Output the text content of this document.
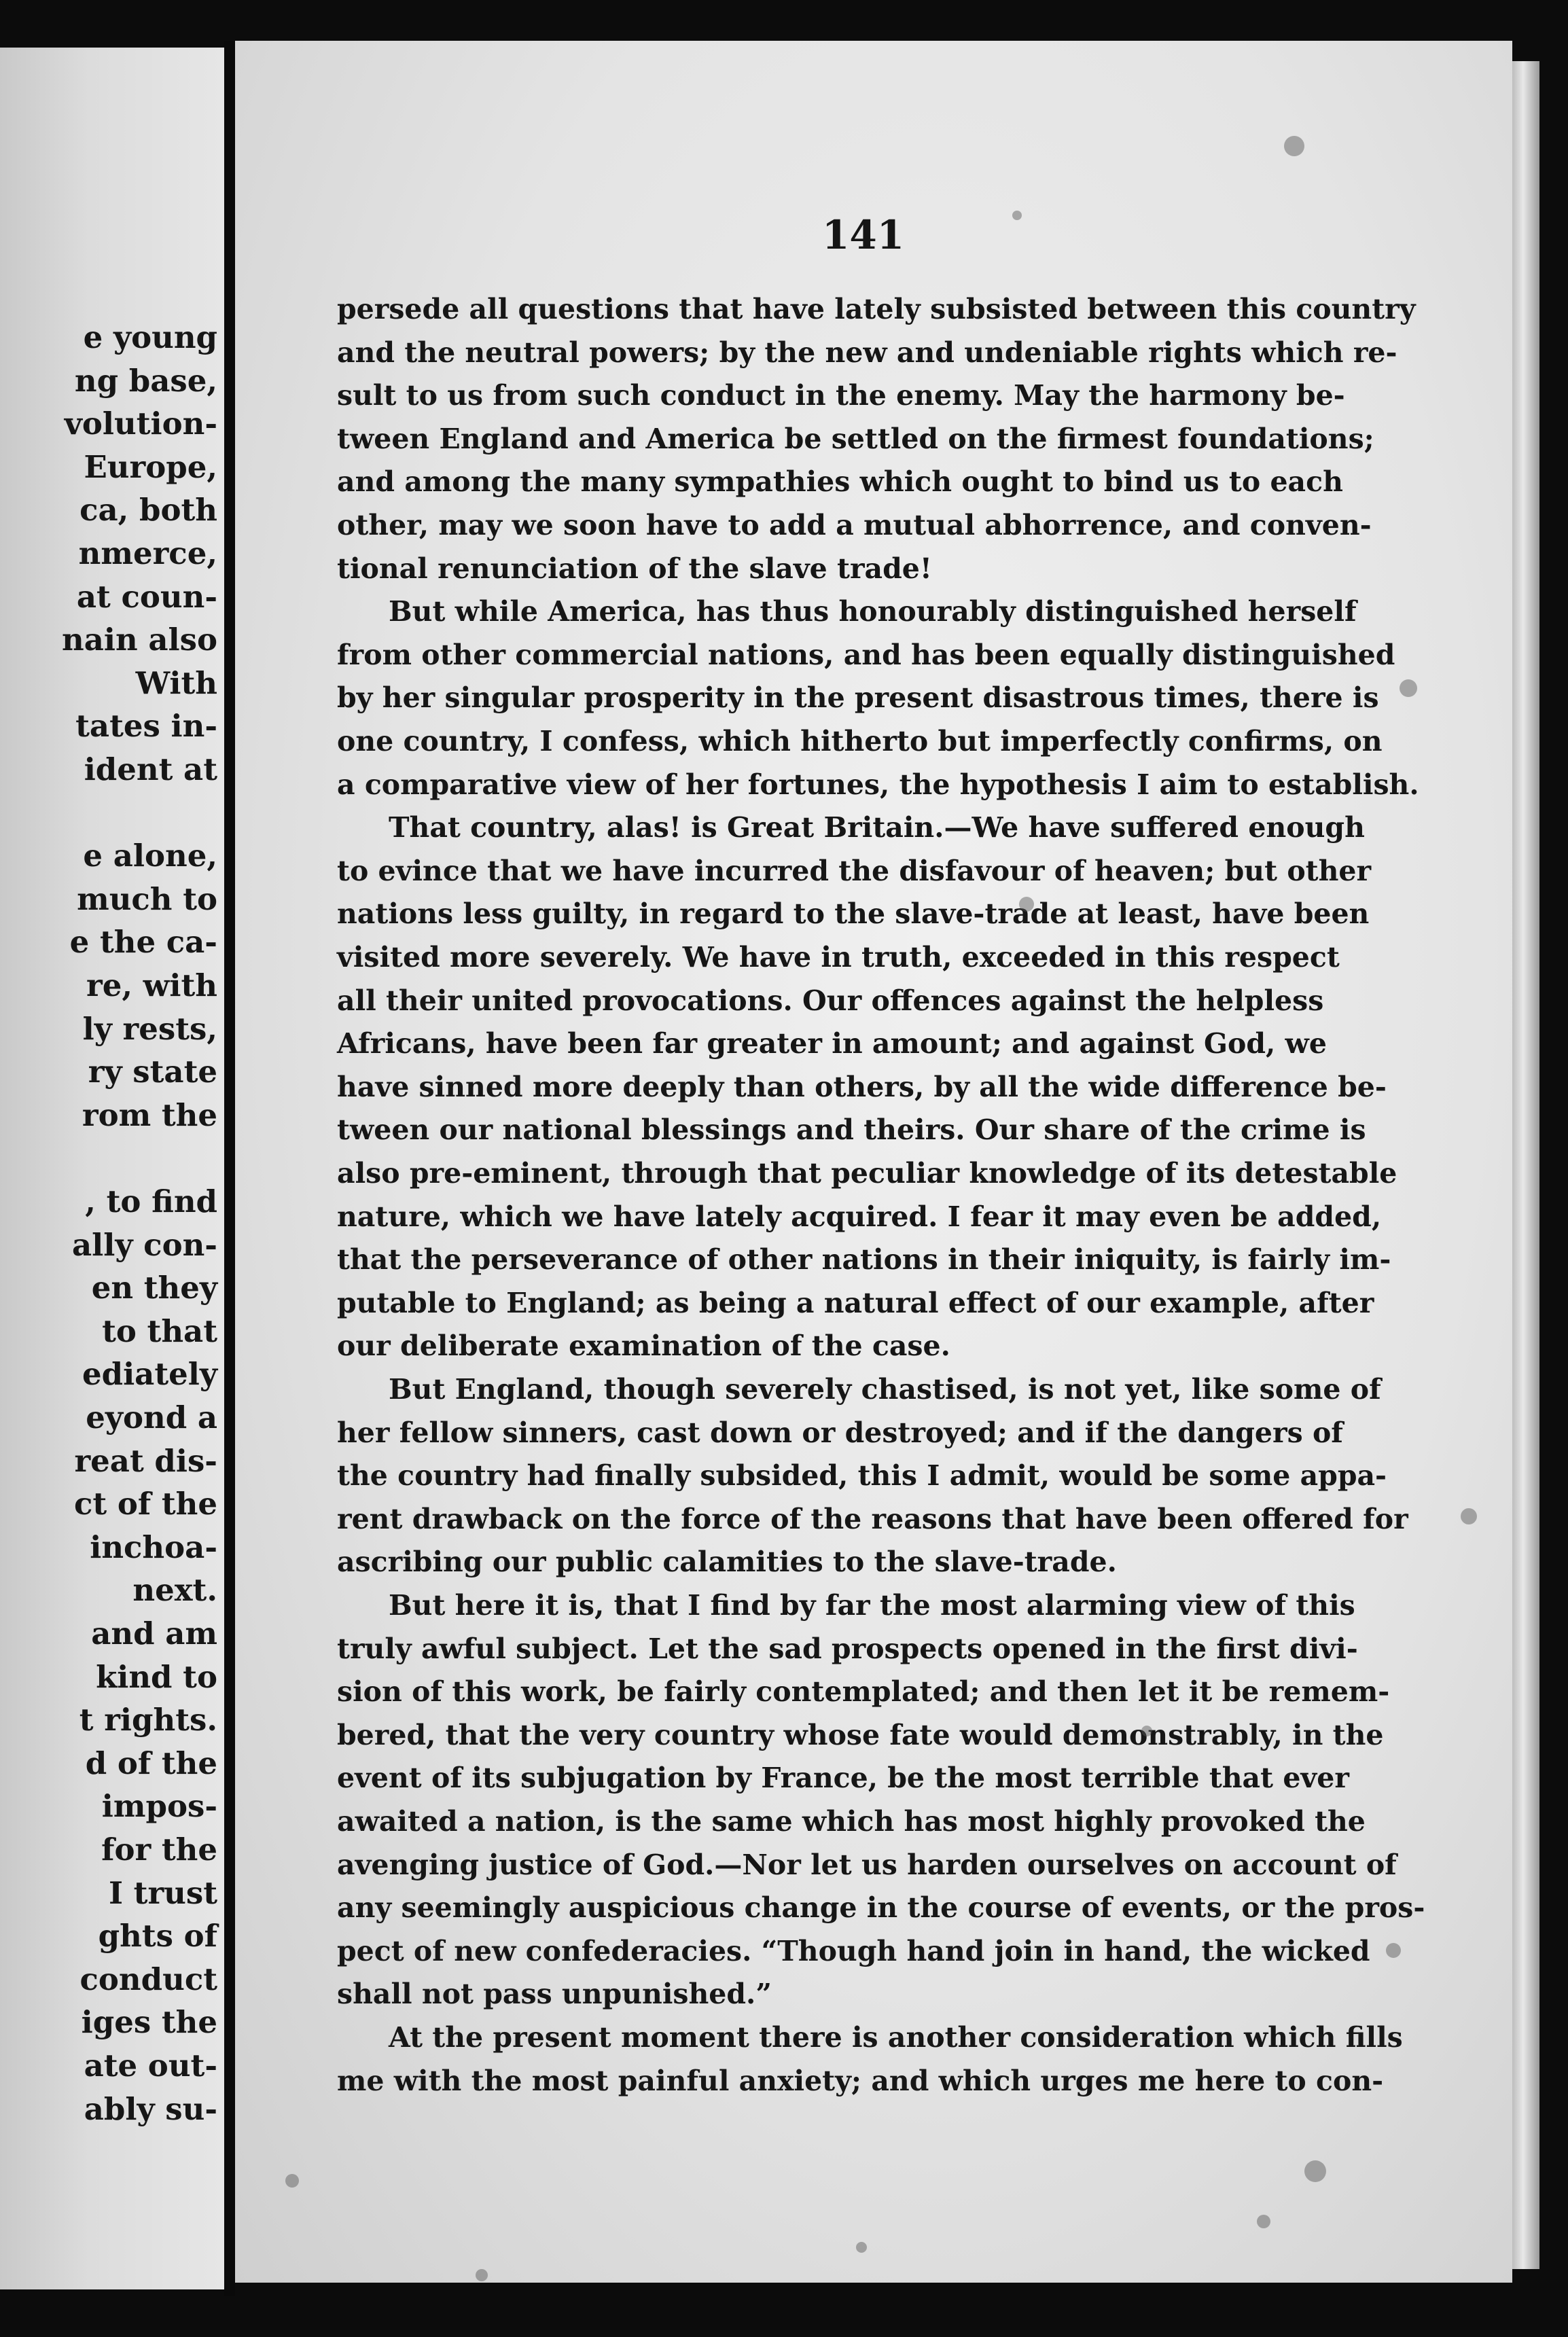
e young
ng base,
volution-
Europe,
ca, both
nmerce,
at coun-
nain also
With
tates in-
ident at
e alone,
much to
e the ca-
re, with
ly rests,
ry state
rom the
, to find
ally con-
en they
to that
ediately
eyond a
reat dis-
ct of the
inchoa-
next.
and am
kind to
t rights.
d of the
impos-
for the
I trust
ghts of
conduct
iges the
ate out-
ably su-

141

persede all questions that have lately subsisted between this country
and the neutral powers; by the new and undeniable rights which re-
sult to us from such conduct in the enemy. May the harmony be-
tween England and America be settled on the firmest foundations;
and among the many sympathies which ought to bind us to each
other, may we soon have to add a mutual abhorrence, and conven-
tional renunciation of the slave trade!
But while America, has thus honourably distinguished herself
from other commercial nations, and has been equally distinguished
by her singular prosperity in the present disastrous times, there is
one country, I confess, which hitherto but imperfectly confirms, on
a comparative view of her fortunes, the hypothesis I aim to establish.
That country, alas! is Great Britain.—We have suffered enough
to evince that we have incurred the disfavour of heaven; but other
nations less guilty, in regard to the slave-trade at least, have been
visited more severely. We have in truth, exceeded in this respect
all their united provocations. Our offences against the helpless
Africans, have been far greater in amount; and against God, we
have sinned more deeply than others, by all the wide difference be-
tween our national blessings and theirs. Our share of the crime is
also pre-eminent, through that peculiar knowledge of its detestable
nature, which we have lately acquired. I fear it may even be added,
that the perseverance of other nations in their iniquity, is fairly im-
putable to England; as being a natural effect of our example, after
our deliberate examination of the case.
But England, though severely chastised, is not yet, like some of
her fellow sinners, cast down or destroyed; and if the dangers of
the country had finally subsided, this I admit, would be some appa-
rent drawback on the force of the reasons that have been offered for
ascribing our public calamities to the slave-trade.
But here it is, that I find by far the most alarming view of this
truly awful subject. Let the sad prospects opened in the first divi-
sion of this work, be fairly contemplated; and then let it be remem-
bered, that the very country whose fate would demonstrably, in the
event of its subjugation by France, be the most terrible that ever
awaited a nation, is the same which has most highly provoked the
avenging justice of God.—Nor let us harden ourselves on account of
any seemingly auspicious change in the course of events, or the pros-
pect of new confederacies. “Though hand join in hand, the wicked
shall not pass unpunished.”
At the present moment there is another consideration which fills
me with the most painful anxiety; and which urges me here to con-
